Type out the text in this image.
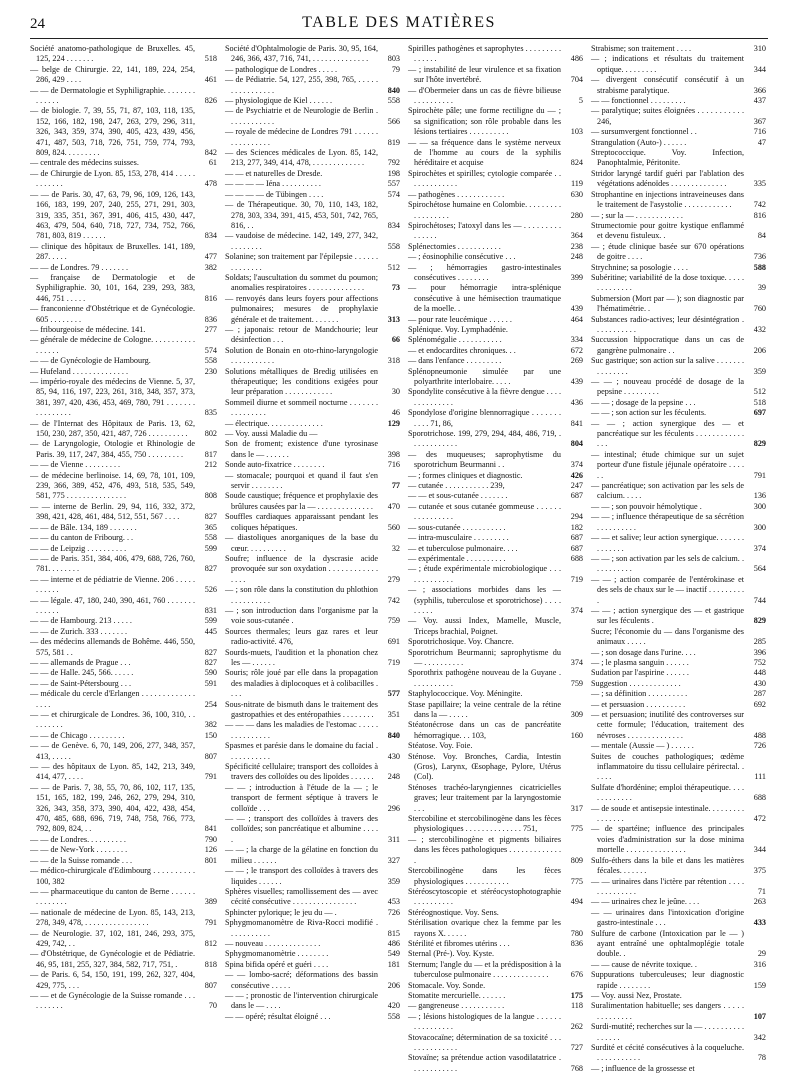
24	TABLE DES MATIÈRES

Société anatomo-pathologique de Bruxelles. 45, 125, 224 . . . . . . .	518

— belge de Chirurgie. 22, 141, 189, 224, 254, 286, 429 . . . .	461

— — de Dermatologie et Syphiligraphie. . . . . . . . . . . . . .	826

— de biologie. 7, 39, 55, 71, 87, 103, 118, 135, 152, 166, 182, 198, 247, 263, 279, 296, 311, 326, 343, 359, 374, 390, 405, 423, 439, 456, 471, 487, 503, 718, 726, 751, 759, 774, 793, 809, 824. . . . . . . . .	842

— centrale des médecins suisses.	61

— de Chirurgie de Lyon. 85, 153, 278, 414 . . . . . . . . . . . .	478

— — de Paris. 30, 47, 63, 79, 96, 109, 126, 143, 166, 183, 199, 207, 240, 255, 271, 291, 303, 319, 335, 351, 367, 391, 406, 415, 430, 447, 463, 479, 504, 640, 718, 727, 734, 752, 766, 781, 803, 819 . . . . . .	834

— clinique des hôpitaux de Bruxelles. 141, 189, 287. . . . .	477

— — de Londres. 79 . . . . . . .	382

— française de Dermatologie et de Syphiligraphie. 30, 101, 164, 239, 293, 383, 446, 751 . . . . .	816

— franconienne d'Obstétrique et de Gynécologie. 605 . . . . . . . .	836

— fribourgeoise de médecine. 141.	277

— générale de médecine de Cologne. . . . . . . . . . . . . . . . .	574

— — de Gynécologie de Hambourg.	558

— Hufeland . . . . . . . . . . . . . .	230

— império-royale des médecins de Vienne. 5, 37, 85, 94, 116, 197, 223, 261, 318, 348, 357, 373, 381, 397, 420, 436, 453, 469, 780, 791 . . . . . . . . . . . . . . . .	835

— de l'Internat des Hôpitaux de Paris. 13, 62, 150, 230, 287, 350, 421, 487, 726 . . . . . . . . . .	802

— de Laryngologie, Otologie et Rhinologie de Paris. 39, 117, 247, 384, 455, 750 . . . . . . . . .	817

— — de Vienne . . . . . . . . .	212

— de médecine berlinoise. 14, 69, 78, 101, 109, 239, 366, 389, 452, 476, 493, 518, 535, 549, 581, 775 . . . . . . . . . . . . . . .	808

— — interne de Berlin. 29, 94, 116, 332, 372, 398, 421, 428, 461, 484, 512, 551, 567 . . . .	827

— — de Bâle. 134, 189 . . . . . . .	365

— — du canton de Fribourg. . .	558

— — de Leipzig . . . . . . . . . .	599

— — de Paris. 351, 384, 406, 479, 688, 726, 760, 781. . . . . . . .	827

— — interne et de pédiatrie de Vienne. 206 . . . . . . . . . . .	526

— — légale. 47, 180, 240, 390, 461, 760 . . . . . . . . . . . . .	831

— — de Hambourg. 213 . . . . .	599

— — de Zurich. 333 . . . . . . .	445

— des médecins allemands de Bohême. 446, 550, 575, 581 . .	827

— — allemands de Prague . . .	827

— — de Halle. 245, 566. . . . . .	590

— — de Saint-Pétersbourg . . .	591

— médicale du cercle d'Erlangen . . . . . . . . . . . . . . . . .	254

— — et chirurgicale de Londres. 36, 100, 310, . . . . . . . . .	382

— — de Chicago . . . . . . . . .	150

— — de Genève. 6, 70, 149, 206, 277, 348, 357, 413, . . . . .	807

— — des hôpitaux de Lyon. 85, 142, 213, 349, 414, 477, . . . .	791

— — de Paris. 7, 38, 55, 70, 86, 102, 117, 135, 151, 165, 182, 199, 246, 262, 279, 294, 310, 326, 343, 358, 373, 390, 404, 422, 438, 454, 470, 485, 688, 696, 719, 748, 758, 766, 773, 792, 809, 824, . .	841

— — de Londres. . . . . . . . . .	790

— — de New-York . . . . . . . .	126

— — de la Suisse romande . . .	801

— médico-chirurgicale d'Edimbourg . . . . . . . . . . 100, 382

— — pharmaceutique du canton de Berne . . . . . . . . . . . . . .	389

— nationale de médecine de Lyon. 85, 143, 213, 278, 349, 478, . . . . . . . . . . . . . . . .	791

— de Neurologie. 37, 102, 181, 246, 293, 375, 429, 742, . .	812

— d'Obstétrique, de Gynécologie et de Pédiatrie. 46, 95, 181, 255, 327, 384, 582, 717, 751, .	818

— de Paris. 6, 54, 150, 191, 199, 262, 327, 404, 429, 775, . . .	807

— — et de Gynécologie de la Suisse romande . . . . . . . . . .	70

Société d'Ophtalmologie de Paris. 30, 95, 164, 246, 366, 437, 716, 741, . . . . . . . . . . . . . .	803

— pathologique de Londres . . . . .	79

— de Pédiatrie. 54, 127, 255, 398, 765, . . . . . . . . . . . . . . . .	840

— physiologique de Kiel . . . . . .	558

— de Psychiatrie et de Neurologie de Berlin . . . . . . . . . . . .	566

— royale de médecine de Londres 791 . . . . . . . . . . . . . . . .	819

— des Sciences médicales de Lyon. 85, 142, 213, 277, 349, 414, 478, . . . . . . . . . . . . .	792

— — et naturelles de Dresde.	198

— — — — Iéna . . . . . . . . . .	557

— — — — de Tübingen . . . .	574

— de Thérapeutique. 30, 70, 110, 143, 182, 278, 303, 334, 391, 415, 453, 501, 742, 765, 816, . .	834

— vaudoise de médecine. 142, 149, 277, 342, . . . . . . . .	558

Solanine; son traitement par l'épilepsie . . . . . . . . . . . . . .	512

Soldats; l'auscultation du sommet du poumon; anomalies respiratoires . . . . . . . . . . . . . .	73

— renvoyés dans leurs foyers pour affections pulmonaires; mesures de prophylaxie générale et de traitement. . . . . . .	313

— ; japonais: retour de Mandchourie; leur désinfection . . .	66

Solution de Bonain en oto-rhino-laryngologie . . . . . . . . . . .	318

Solutions métalliques de Bredig utilisées en thérapeutique; les conditions exigées pour leur préparation . . . . . . . . . . . .	30

Sommeil diurne et sommeil nocturne . . . . . . . . . . . . . . . .	46

— électrique. . . . . . . . . . . . . .	129

— Voy. aussi Maladie du —

Son de froment; existence d'une tyrosinase dans le — . . . . . .	398

Sonde auto-fixatrice . . . . . . . .	716

— stomacale; pourquoi et quand il faut s'en servir . . . . . . . .	77

Soude caustique; fréquence et prophylaxie des brûlures causées par la — . . . . . . . . . . . . . .	470

Souffles cardiaques apparaissant pendant les coliques hépatiques.	560

— diastoliques anorganiques de la base du cœur. . . . . . . . . .	32

Soufre; influence de la dyscrasie acide provoquée sur son oxydation . . . . . . . . . . . . . . . .	279

— ; son rôle dans la constitution du phlothion . . . . . . . . . .	742

— ; son introduction dans l'organisme par la voie sous-cutanée .	759

Sources thermales; leurs gaz rares et leur radio-activité. 476,	691

Sourds-muets, l'audition et la phonation chez les — . . . . . .	719

Souris; rôle joué par elle dans la propagation des maladies à diplocoques et à colibacilles . . . .	577

Sous-nitrate de bismuth dans le traitement des gastropathies et des entéropathies . . . . . . . .	351

— — — dans les maladies de l'estomac . . . . . . . . . . . . . . .	840

Spasmes et parésie dans le domaine du facial . . . . . . . . . . .	430

Spécificité cellulaire; transport des colloïdes à travers des colloïdes ou des lipoïdes . . . . . .	248

— — ; introduction à l'étude de la — ; le transport de ferment séptique à travers le colloïde . . .	296

— — ; transport des colloïdes à travers des colloïdes; son pancréatique et albumine . . . . .	311

— — ; la charge de la gélatine en fonction du milieu . . . . . .	327

— — ; le transport des colloïdes à travers des liquides . . . . . .	359

Sphères visuelles; ramollissement des — avec cécité consécutive . . . . . . . . . . . . . . . .	453

Sphincter pylorique; le jeu du — .	726

Sphygmomanomètre de Riva-Rocci modifié . . . . . . . . . . .	815

— nouveau . . . . . . . . . . . . . .	486

Sphygmomanomètrie . . . . . . . .	549

Spina bifida opéré et guéri . . . .	181

— — lombo-sacré; déformations des bassin consécutive . . . . .	206

— — ; pronostic de l'intervention chirurgicale dans le — . . . .	420

— — opéré; résultat éloigné . . .	558

Spirilles pathogènes et saprophytes . . . . . . . . . . . . . . .	486

— ; instabilité de leur virulence et sa fixation sur l'hôte invertébré.	704

— d'Obermeier dans un cas de fièvre bilieuse . . . . . . . . . .	5

Spirochète pâle; une forme rectiligne du — ; sa signification; son rôle probable dans les lésions tertiaires . . . . . . . . . .	103

— — sa fréquence dans le système nerveux de l'homme au cours de la syphilis héréditaire et acquise	824

Spirochètes et spirilles; cytologie comparée . . . . . . . . . . . . .	119

— pathogènes . . . . . . . . . . . .	630

Spirochétose humaine en Colombie. . . . . . . . . . . . . . . . . .	280

Spirochétoses; l'atoxyl dans les — . . . . . . . . . . . . . . .	364

Splénectomies . . . . . . . . . . .	238

— ; éosinophilie consécutive . . .	248

— ; hémorragies gastro-intestinales consécutives . . . . . . . .	399

— pour hémorragie intra-splénique consécutive à une hémisection traumatique de la moelle. .	439

— pour rate leucémique . . . . . .	464

Splénique. Voy. Lymphadénie.

Splénomégalie . . . . . . . . . . .	334

— et endocardites chroniques. . .	672

— dans l'enfance . . . . . . . . .	269

Splénopneumonie simulée par une polyarthrite interlobaire. . . . .	439

Spondylite consécutive à la fièvre dengue . . . . . . . . . . . . . .	436

Spondylose d'origine blennorragique . . . . . . . . . . . 71, 86,	841

Sporotrichose. 199, 279, 294, 484, 486, 719, . . . . . . . . . . . .	804

— des muqueuses; saprophytisme du sporotrichum Beurmanni . .	374

— ; formes cliniques et diagnostic.	426

— cutanée . . . . . . . . . . . 239,	247

— — et sous-cutanée . . . . . . .	687

— cutanée et sous cutanée gommeuse . . . . . . . . . . . . . . . .	294

— sous-cutanée . . . . . . . . . . .	182

— intra-musculaire . . . . . . . . .	687

— et tuberculose pulmonaire. . . .	687

— expérimentale . . . . . . . . . .	688

— ; étude expérimentale microbiologique . . . . . . . . . . . . .	719

— ; associations morbides dans les — (syphilis, tuberculose et sporotrichose) . . . . . . . . .	374

— Voy. aussi Index, Mamelle, Muscle, Triceps brachial, Poignet.

Sporotrichosique. Voy. Chancre.

Sporotrichum Beurmanni; saprophytisme du — . . . . . . . . . .	374

Sporothrix pathogène nouveau de la Guyane . . . . . . . . . . .	759

Staphylococcique. Voy. Méningite.

Stase papillaire; la veine centrale de la rétine dans la — . . . . .	309

Stéatonécrose dans un cas de pancréatite hémorragique. . . 103,	160

Stéatose. Voy. Foie.

Sténose. Voy. Bronches, Cardia, Intestin (Gros), Larynx, Œsophage, Pylore, Utérus (Col).

Sténoses trachéo-laryngiennes cicatricielles graves; leur traitement par la laryngostomie . . .	317

Stercobiline et stercobilinogène dans les fèces physiologiques . . . . . . . . . . . . . . 751,	775

— ; stercobilinogène et pigments biliaires dans les fèces pathologiques . . . . . . . . . . . . . .	809

Stercobilinogène dans les fèces physiologiques . . . . . . . . . . .	775

Stéréoscytoscopie et stéréocystophotographie . . . . . . . . . .	494

Stéréognostique. Voy. Sens.

Stérilisation ovarique chez la femme par les rayons X. . . . . .	780

Stérilité et fibromes utérins . . .	836

Sternal (Pré-). Voy. Kyste.

Sternum; l'angle du — et la prédisposition à la tuberculose pulmonaire . . . . . . . . . . . . . .	676

Stomacale. Voy. Sonde.

Stomatite mercurielle. . . . . . .	175

— gangreneuse . . . . . . . . . . .	118

— ; lésions histologiques de la langue . . . . . . . . . . . . . . . .	262

Stovacocaïne; détermination de sa toxicité . . . . . . . . . . . . . .	727

Stovaïne; sa prétendue action vasodilatatrice . . . . . . . . . . . .	768

Strabisme; son traitement . . . .	310

— ; indications et résultats du traitement optique. . . . . . . . .	344

— divergent consécutif consécutif à un strabisme paralytique.	366

— — fonctionnel . . . . . . . . .	437

— paralytique; suites éloignées . . . . . . . . . . . 246,	367

— sursumvergent fonctionnel . .	716

Strangulation (Auto-) . . . . . .	47

Streptococcique. Voy. Infection, Panophtalmie, Péritonite.

Stridor laryngé tardif guéri par l'ablation des végétations adénoïdes . . . . . . . . . . . . . .	335

Strophantine en injections intraveineuses dans le traitement de l'asystolie . . . . . . . . . . . .	742

— ; sur la — . . . . . . . . . . . .	816

Strumectomie pour goitre kystique enflammé et devenu fistuleux. .	84

— ; étude clinique basée sur 670 opérations de goitre . . . .	736

Strychnine; sa posologie . . . .	588

Subéritine; variabilité de la dose toxique. . . . . . . . . . . . . .	39

Submersion (Mort par — ); son diagnostic par l'hématimétrie. .	760

Substances radio-actives; leur désintégration . . . . . . . . . . .	432

Succussion hippocratique dans un cas de gangrène pulmonaire . .	206

Suc gastrique; son action sur la salive . . . . . . . . . . . . . . .	359

— — ; nouveau procédé de dosage de la pepsine . . . . . . . . .	512

— — ; dosage de la pepsine . . .	518

— — ; son action sur les féculents.	697

— — ; action synergique des — et pancréatique sur les féculents . . . . . . . . . . . . . . .	829

— intestinal; étude chimique sur un sujet porteur d'une fistule jéjunale opératoire . . . . . .	791

— pancréatique; son activation par les sels de calcium. . . . .	136

— — ; son pouvoir hémolytique .	300

— — ; influence thérapeutique de sa sécrétion . . . . . . . . . .	300

— — et salive; leur action synergique. . . . . . . . . . . . . .	374

— — ; son activation par les sels de calcium. . . . . . . . . . .	564

— — ; action comparée de l'entérokinase et des sels de chaux sur le — inactif . . . . . . . . . .	744

— — ; action synergique des — et gastrique sur les féculents .	829

Sucre; l'économie du — dans l'organisme des animaux . . . . .	285

— ; son dosage dans l'urine. . . .	396

— ; le plasma sanguin . . . . . .	752

Sudation par l'aspirine . . . . . .	448

Suggestion . . . . . . . . . . . . .	430

— ; sa définition . . . . . . . . . .	287

— et persuasion . . . . . . . . . .	692

— et persuasion; inutilité des controverses sur cette formule; l'éducation, traitement des névroses . . . . . . . . . . . . . .	488

— mentale (Aussie — ) . . . . . .	726

Suites de couches pathologiques; œdème inflammatoire du tissu cellulaire périrectal. . . . . .	111

Sulfate d'hordénine; emploi thérapeutique. . . . . . . . . . . . .	688

— de soude et antisepsie intestinale. . . . . . . . . . . . . . . .	472

— de spartéine; influence des principales voies d'administration sur la dose minima mortelle . . . . . . . . . . . . . . .	344

Sulfo-éthers dans la bile et dans les matières fécales. . . . . . .	375

— — urinaires dans l'ictère par rétention . . . . . . . . . . . . . .	71

— — urinaires chez le jeûne. . . .	263

— — urinaires dans l'intoxication d'origine gastro-intestinale . . .	433

Sulfure de carbone (Intoxication par le — ) ayant entraîné une ophtalmoplégie totale double. .	29

— — cause de névrite toxique. .	316

Suppurations tuberculeuses; leur diagnostic rapide . . . . . . . .	159

— Voy. aussi Nez, Prostate.

Suralimentation habituelle; ses dangers . . . . . . . . . . . . . .	107

Surdi-mutité; recherches sur la — . . . . . . . . . . . . . . . .	342

Surdité et cécité consécutives à la coqueluche. . . . . . . . . . . .	78

— ; influence de la grossesse et
